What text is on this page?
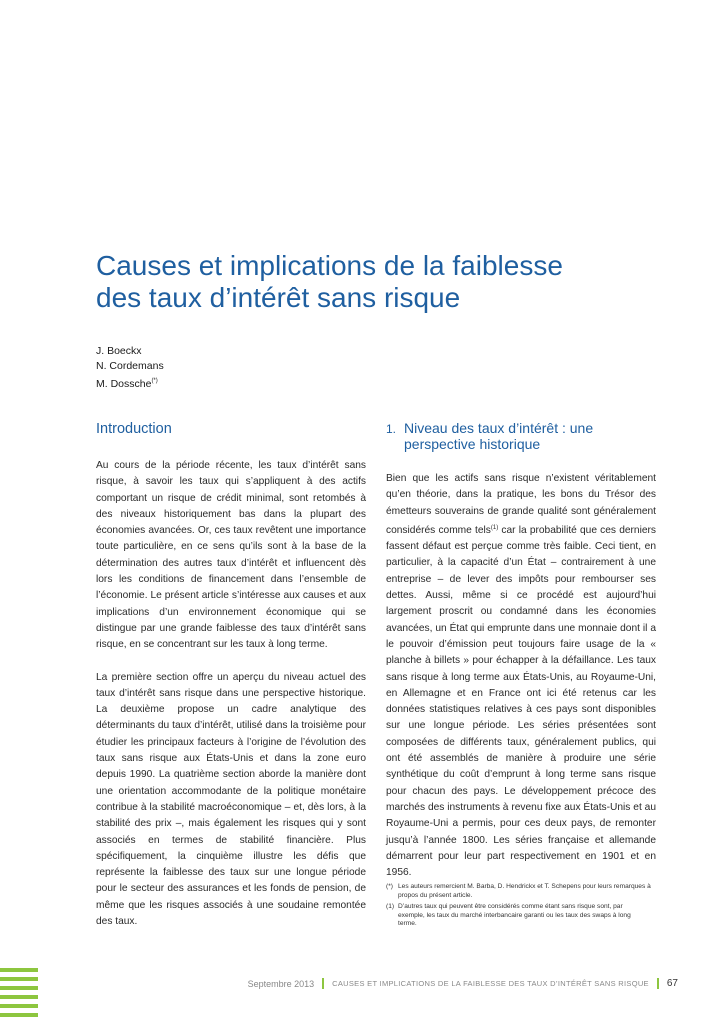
Causes et implications de la faiblesse
des taux d’intérêt sans risque
J. Boeckx
N. Cordemans
M. Dossche(*)
Introduction

Au cours de la période récente, les taux d’intérêt sans risque, à savoir les taux qui s’appliquent à des actifs comportant un risque de crédit minimal, sont retombés à des niveaux historiquement bas dans la plupart des économies avancées. Or, ces taux revêtent une importance toute particulière, en ce sens qu’ils sont à la base de la détermination des autres taux d’intérêt et influencent dès lors les conditions de financement dans l’ensemble de l’économie. Le présent article s’intéresse aux causes et aux implications d’un environnement économique qui se distingue par une grande faiblesse des taux d’intérêt sans risque, en se concentrant sur les taux à long terme.

La première section offre un aperçu du niveau actuel des taux d’intérêt sans risque dans une perspective historique. La deuxième propose un cadre analytique des déterminants du taux d’intérêt, utilisé dans la troisième pour étudier les principaux facteurs à l’origine de l’évolution des taux sans risque aux États-Unis et dans la zone euro depuis 1990. La quatrième section aborde la manière dont une orientation accommodante de la politique monétaire contribue à la stabilité macroéconomique – et, dès lors, à la stabilité des prix –, mais également les risques qui y sont associés en termes de stabilité financière. Plus spécifiquement, la cinquième illustre les défis que représente la faiblesse des taux sur une longue période pour le secteur des assurances et les fonds de pension, de même que les risques associés à une soudaine remontée des taux.

1. Niveau des taux d’intérêt : une perspective historique

Bien que les actifs sans risque n’existent véritablement qu’en théorie, dans la pratique, les bons du Trésor des émetteurs souverains de grande qualité sont généralement considérés comme tels$^{(1)}$ car la probabilité que ces derniers fassent défaut est perçue comme très faible. Ceci tient, en particulier, à la capacité d’un État – contrairement à une entreprise – de lever des impôts pour rembourser ses dettes. Aussi, même si ce procédé est aujourd’hui largement proscrit ou condamné dans les économies avancées, un État qui emprunte dans une monnaie dont il a le pouvoir d’émission peut toujours faire usage de la « planche à billets » pour échapper à la défaillance. Les taux sans risque à long terme aux États-Unis, au Royaume-Uni, en Allemagne et en France ont ici été retenus car les données statistiques relatives à ces pays sont disponibles sur une longue période. Les séries présentées sont composées de différents taux, généralement publics, qui ont été assemblés de manière à produire une série synthétique du coût d’emprunt à long terme sans risque pour chacun des pays. Le développement précoce des marchés des instruments à revenu fixe aux États-Unis et au Royaume-Uni a permis, pour ces deux pays, de remonter jusqu’à l’année 1800. Les séries française et allemande démarrent pour leur part respectivement en 1901 et en 1956.

(*) Les auteurs remercient M. Barba, D. Hendrickx et T. Schepens pour leurs remarques à propos du présent article.
(1) D’autres taux qui peuvent être considérés comme étant sans risque sont, par exemple, les taux du marché interbancaire garanti ou les taux des swaps à long terme.
Septembre 2013 CAUSES ET IMPLICATIONS DE LA FAIBLESSE DES TAUX D’INTÉRÊT SANS RISQUE 67
